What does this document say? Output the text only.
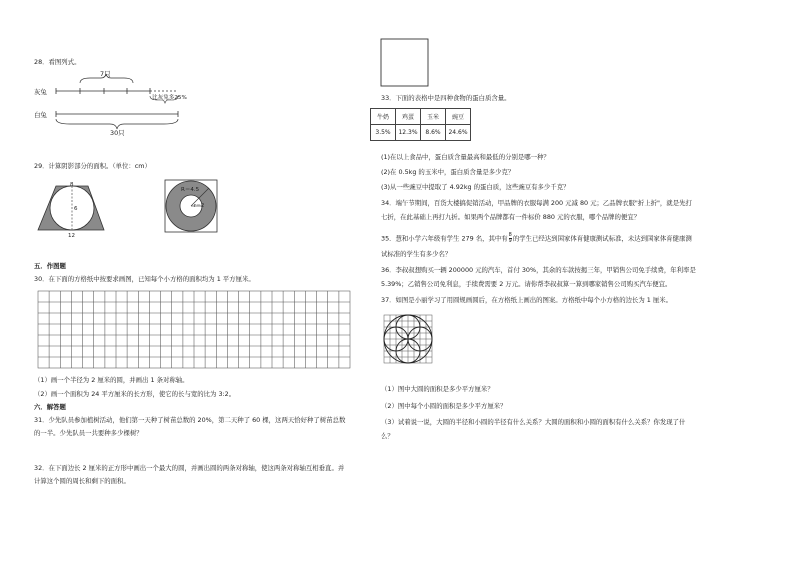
28．看图列式。
7只
灰兔
白兔
比灰兔多25%
30只
29．计算阴影部分的面积。（单位：cm）
8
6
12
R＝4.5
r＝2
五．作图题
30．在下面的方格纸中按要求画图，已知每个小方格的面积均为 1 平方厘米。
（1）画一个半径为 2 厘米的圆，并画出 1 条对称轴。
（2）画一个面积为 24 平方厘米的长方形，使它的长与宽的比为 3:2。
六．解答题
31．少先队员参加植树活动，他们第一天种了树苗总数的 20%，第二天种了 60 棵，这两天恰好种了树苗总数
的一半。少先队员一共要种多少棵树？
32．在下面边长 2 厘米的正方形中画出一个最大的圆，并画出圆的两条对称轴，使这两条对称轴互相垂直。并
计算这个圆的周长和剩下的面积。
33．下面的表格中是四种食物的蛋白质含量。
牛奶	鸡蛋	玉米	豌豆
3.5%	12.3%	8.6%	24.6%
(1)在以上食品中，蛋白质含量最高和最低的分别是哪一种？
(2)在 0.5kg 的玉米中，蛋白质含量是多少克？
(3)从一些豌豆中提取了 4.92kg 的蛋白质，这些豌豆有多少千克？
34．端午节期间，百货大楼搞促销活动，甲品牌的衣服每满 200 元减 80 元；乙品牌衣服"折上折"，就是先打
七折，在此基础上再打九折。如果两个品牌都有一件标价 880 元的衣服，哪个品牌的便宜？
35．慧和小学六年级有学生 279 名，其中有 $\frac{8}{9}$ 的学生已经达到国家体育健康测试标准，未达到国家体育健康测
试标准的学生有多少名？
36．李叔叔想购买一辆 200000 元的汽车，首付 30%，其余的车款按揭三年，甲销售公司免手续费，年利率是
5.39%；乙销售公司免利息，手续费需要 2 万元。请你帮李叔叔算一算到哪家销售公司购买汽车便宜。
37．如图是小丽学习了用圆规画圆后，在方格纸上画出的图案。方格纸中每个小方格的边长为 1 厘米。
（1）图中大圆的面积是多少平方厘米？
（2）图中每个小圆的面积是多少平方厘米？
（3）试着说一说，大圆的半径和小圆的半径有什么关系？大圆的面积和小圆的面积有什么关系？你发现了什
么？
